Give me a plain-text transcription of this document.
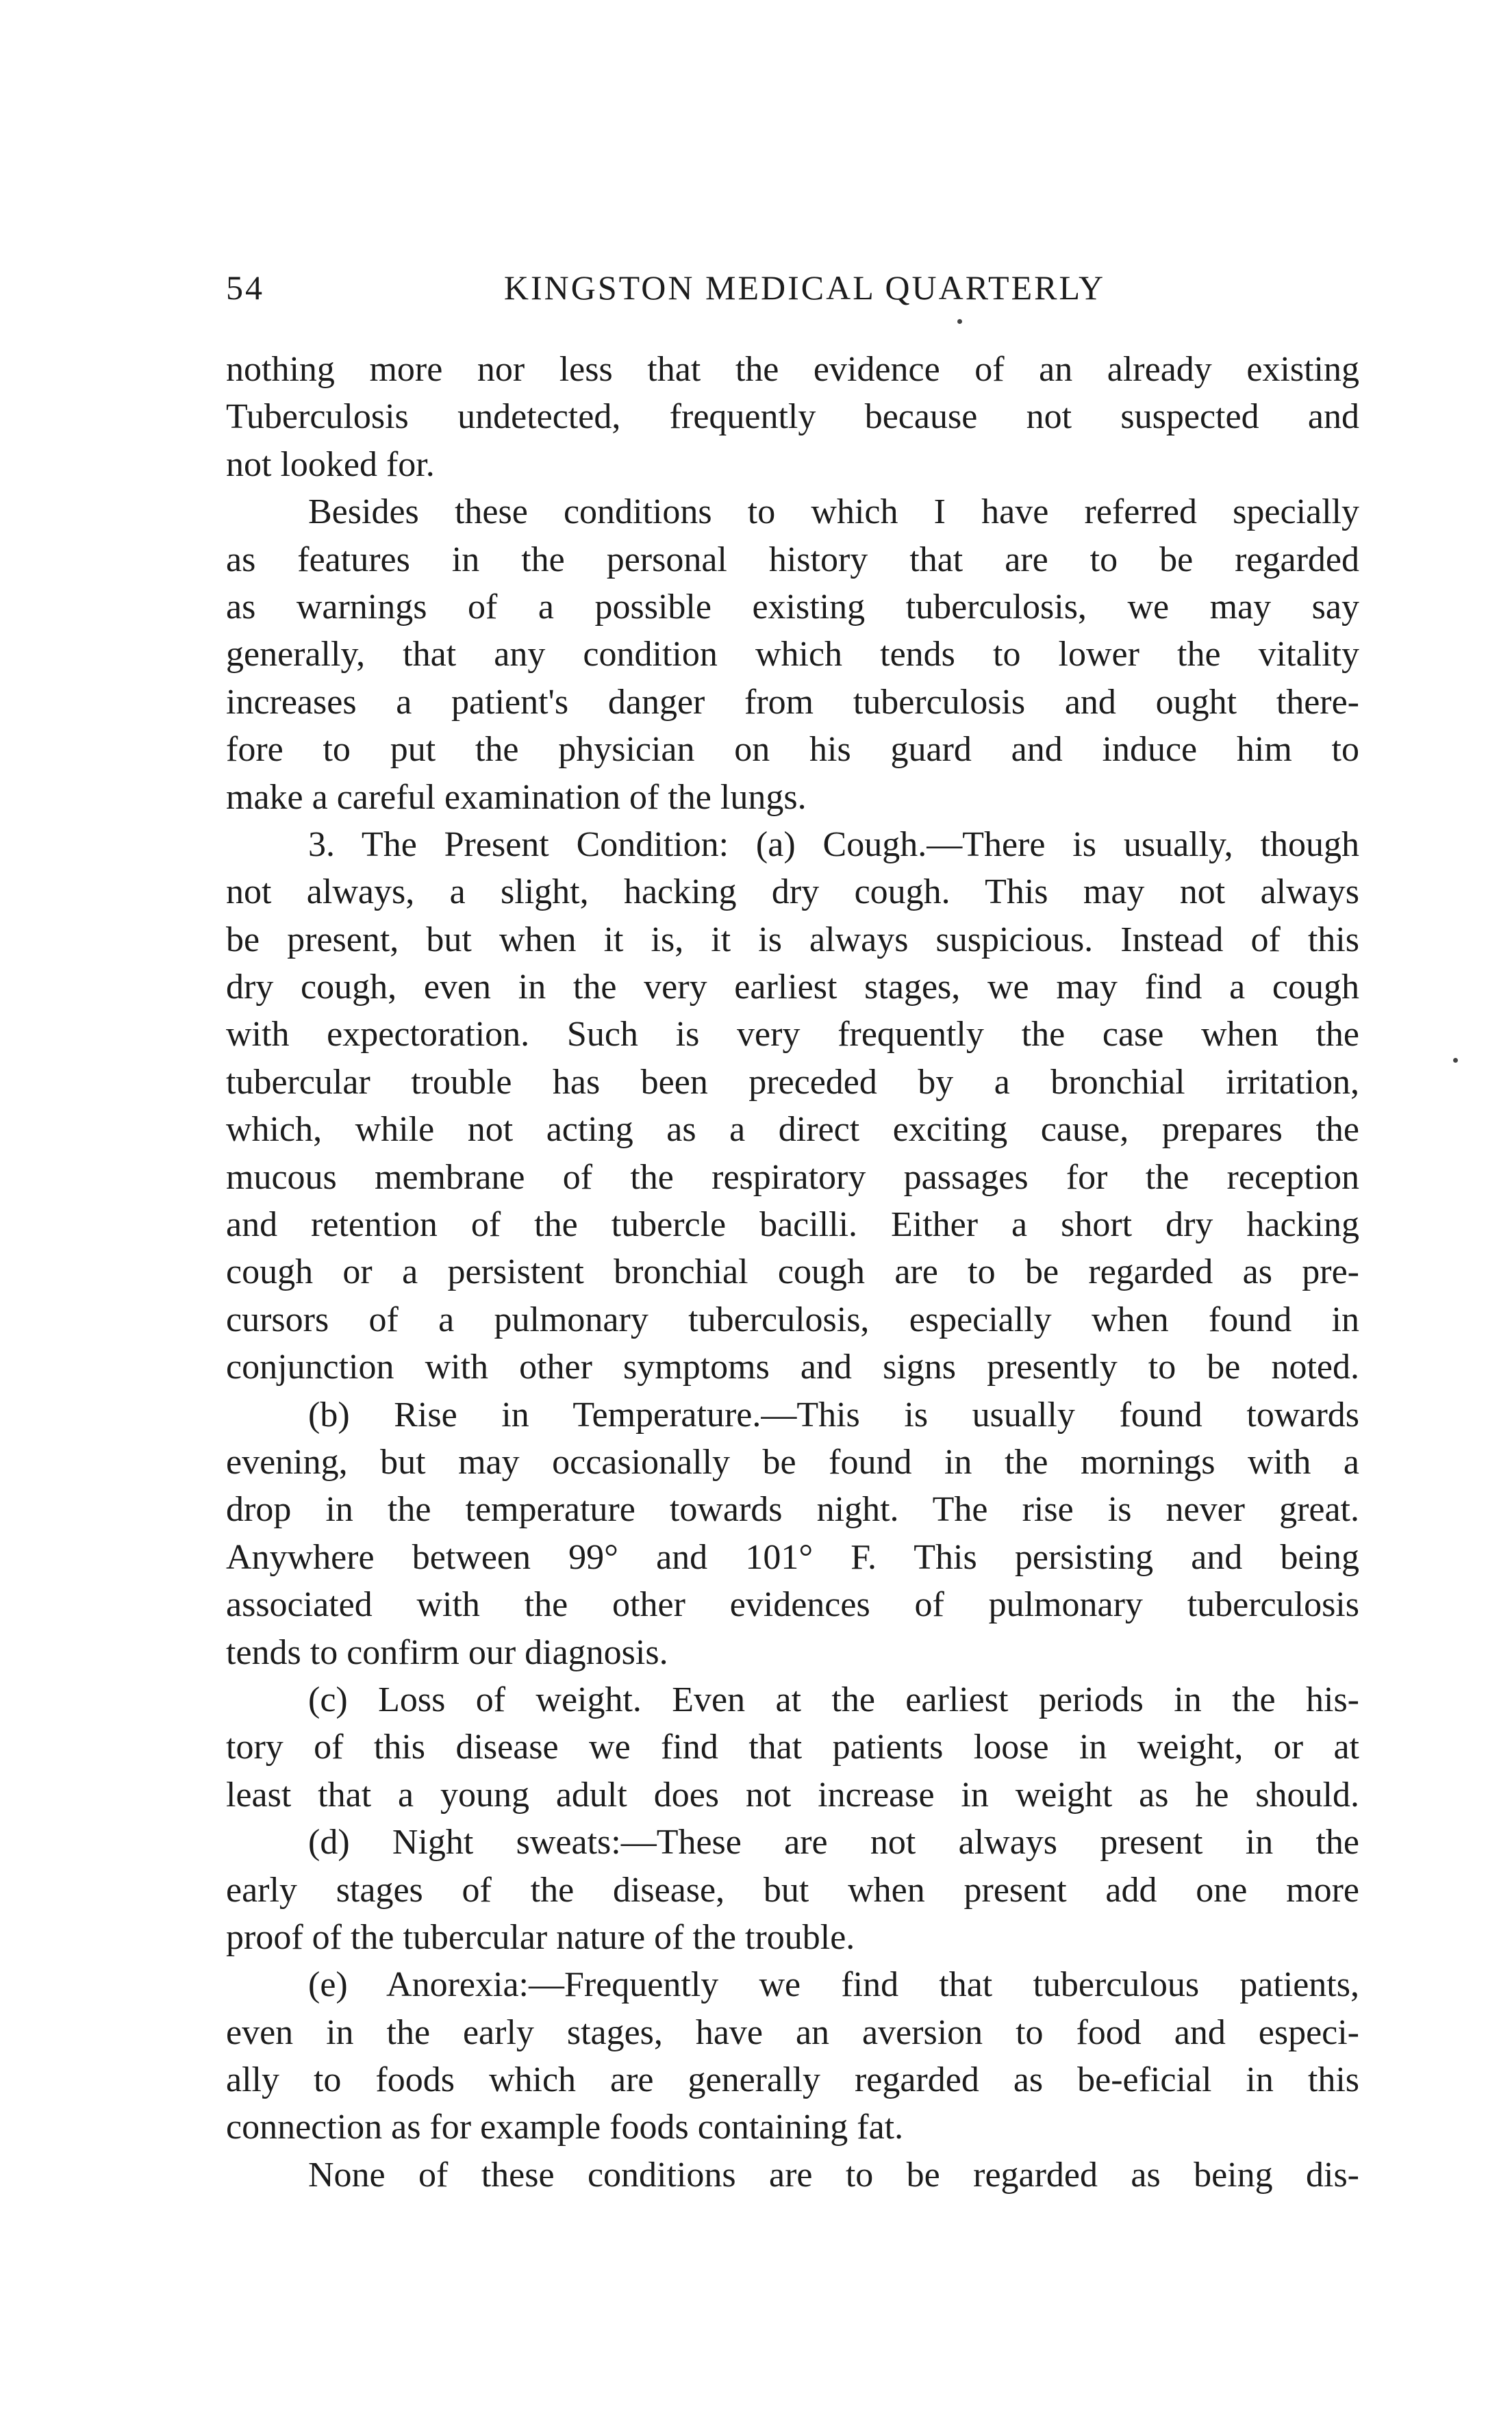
54	KINGSTON MEDICAL QUARTERLY
nothing more nor less that the evidence of an already existing
Tuberculosis undetected, frequently because not suspected and
not looked for.
Besides these conditions to which I have referred specially
as features in the personal history that are to be regarded
as warnings of a possible existing tuberculosis, we may say
generally, that any condition which tends to lower the vitality
increases a patient's danger from tuberculosis and ought there-
fore to put the physician on his guard and induce him to
make a careful examination of the lungs.
3. The Present Condition: (a) Cough.—There is usually, though
not always, a slight, hacking dry cough. This may not always
be present, but when it is, it is always suspicious. Instead of this
dry cough, even in the very earliest stages, we may find a cough
with expectoration. Such is very frequently the case when the
tubercular trouble has been preceded by a bronchial irritation,
which, while not acting as a direct exciting cause, prepares the
mucous membrane of the respiratory passages for the reception
and retention of the tubercle bacilli. Either a short dry hacking
cough or a persistent bronchial cough are to be regarded as pre-
cursors of a pulmonary tuberculosis, especially when found in
conjunction with other symptoms and signs presently to be noted.
(b) Rise in Temperature.—This is usually found towards
evening, but may occasionally be found in the mornings with a
drop in the temperature towards night. The rise is never great.
Anywhere between 99° and 101° F. This persisting and being
associated with the other evidences of pulmonary tuberculosis
tends to confirm our diagnosis.
(c) Loss of weight. Even at the earliest periods in the his-
tory of this disease we find that patients loose in weight, or at
least that a young adult does not increase in weight as he should.
(d) Night sweats:—These are not always present in the
early stages of the disease, but when present add one more
proof of the tubercular nature of the trouble.
(e) Anorexia:—Frequently we find that tuberculous patients,
even in the early stages, have an aversion to food and especi-
ally to foods which are generally regarded as be-eficial in this
connection as for example foods containing fat.
None of these conditions are to be regarded as being dis-
